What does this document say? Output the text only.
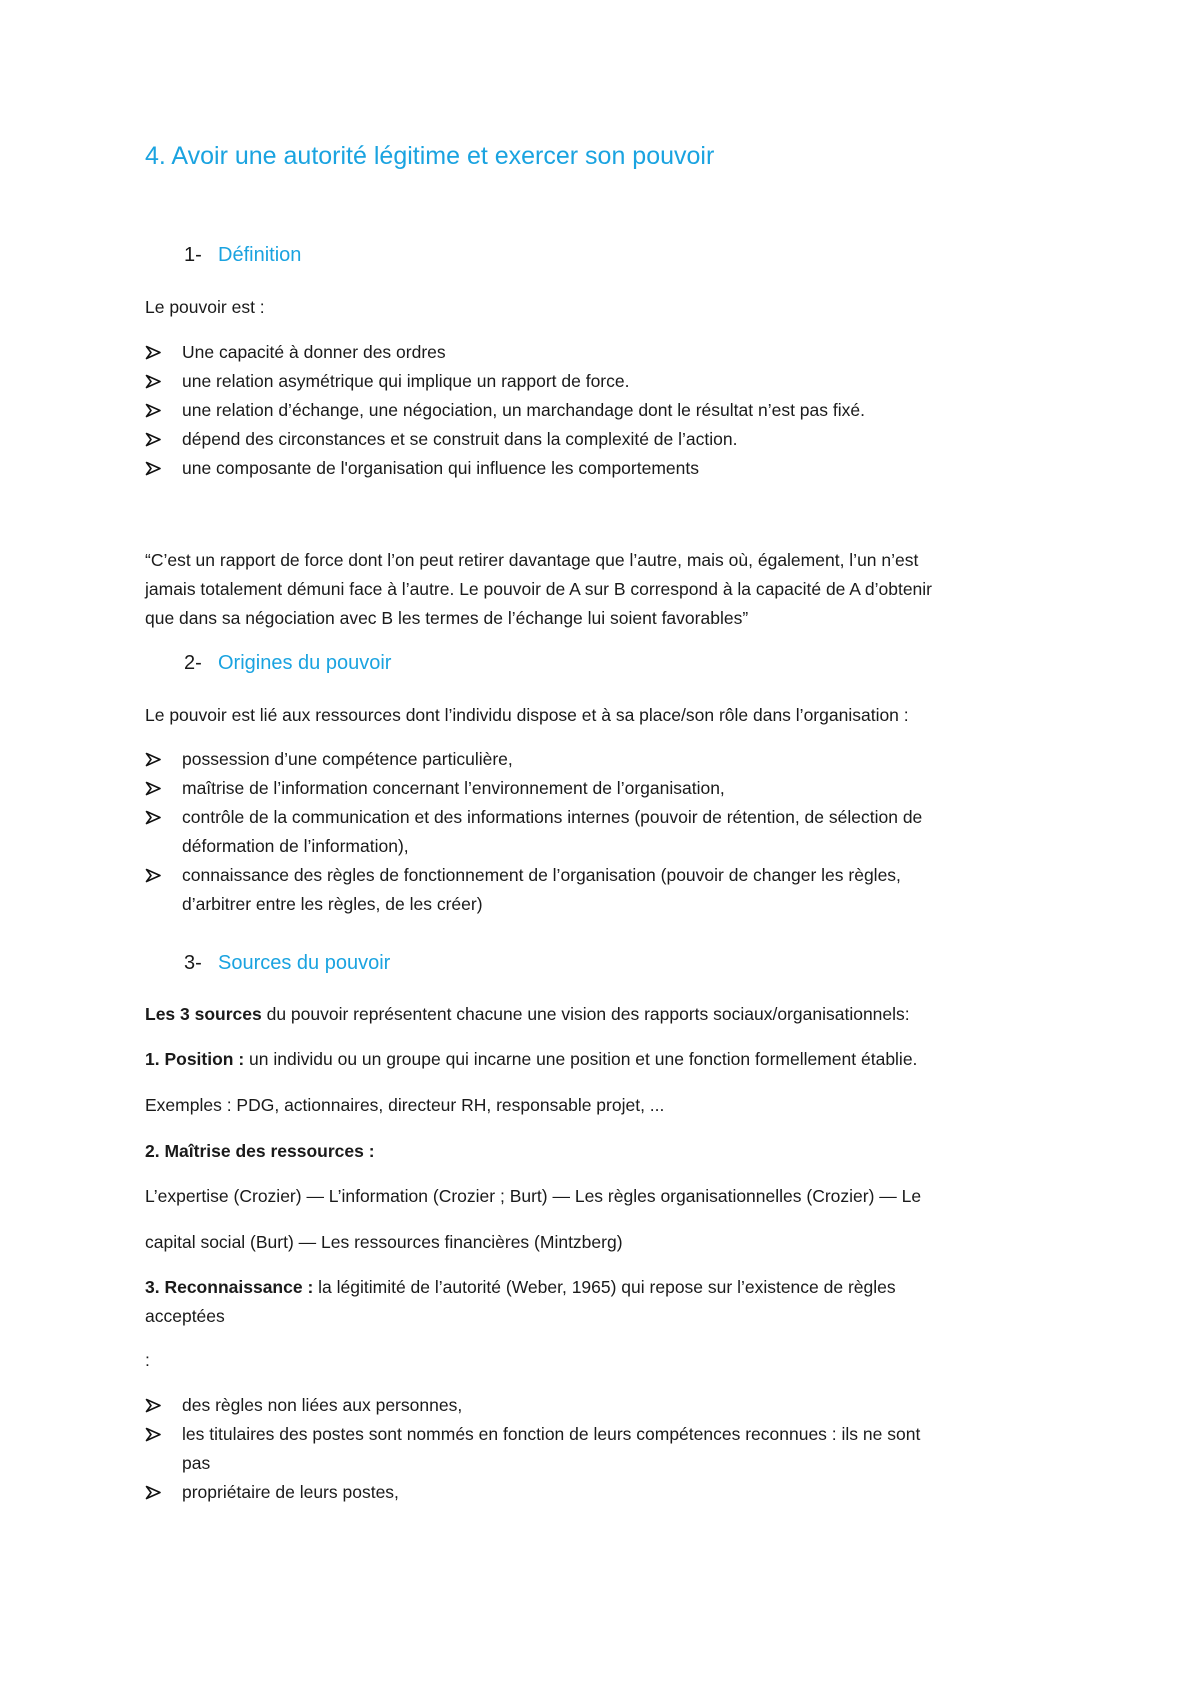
4. Avoir une autorité légitime et exercer son pouvoir
1- Définition

Le pouvoir est :

Une capacité à donner des ordres
une relation asymétrique qui implique un rapport de force.
une relation d’échange, une négociation, un marchandage dont le résultat n’est pas fixé.
dépend des circonstances et se construit dans la complexité de l’action.
une composante de l'organisation qui influence les comportements
“C’est un rapport de force dont l’on peut retirer davantage que l’autre, mais où, également, l’un n’est
jamais totalement démuni face à l’autre. Le pouvoir de A sur B correspond à la capacité de A d’obtenir
que dans sa négociation avec B les termes de l’échange lui soient favorables”
2- Origines du pouvoir

Le pouvoir est lié aux ressources dont l’individu dispose et à sa place/son rôle dans l’organisation :

possession d’une compétence particulière,
maîtrise de l’information concernant l’environnement de l’organisation,
contrôle de la communication et des informations internes (pouvoir de rétention, de sélection de
déformation de l’information),
connaissance des règles de fonctionnement de l’organisation (pouvoir de changer les règles,
d’arbitrer entre les règles, de les créer)
3- Sources du pouvoir

Les 3 sources du pouvoir représentent chacune une vision des rapports sociaux/organisationnels:

1. Position : un individu ou un groupe qui incarne une position et une fonction formellement établie.

Exemples : PDG, actionnaires, directeur RH, responsable projet, ...

2. Maîtrise des ressources :

L’expertise (Crozier) — L’information (Crozier ; Burt) — Les règles organisationnelles (Crozier) — Le

capital social (Burt) — Les ressources financières (Mintzberg)

3. Reconnaissance : la légitimité de l’autorité (Weber, 1965) qui repose sur l’existence de règles
acceptées

:

des règles non liées aux personnes,
les titulaires des postes sont nommés en fonction de leurs compétences reconnues : ils ne sont
pas
propriétaire de leurs postes,
